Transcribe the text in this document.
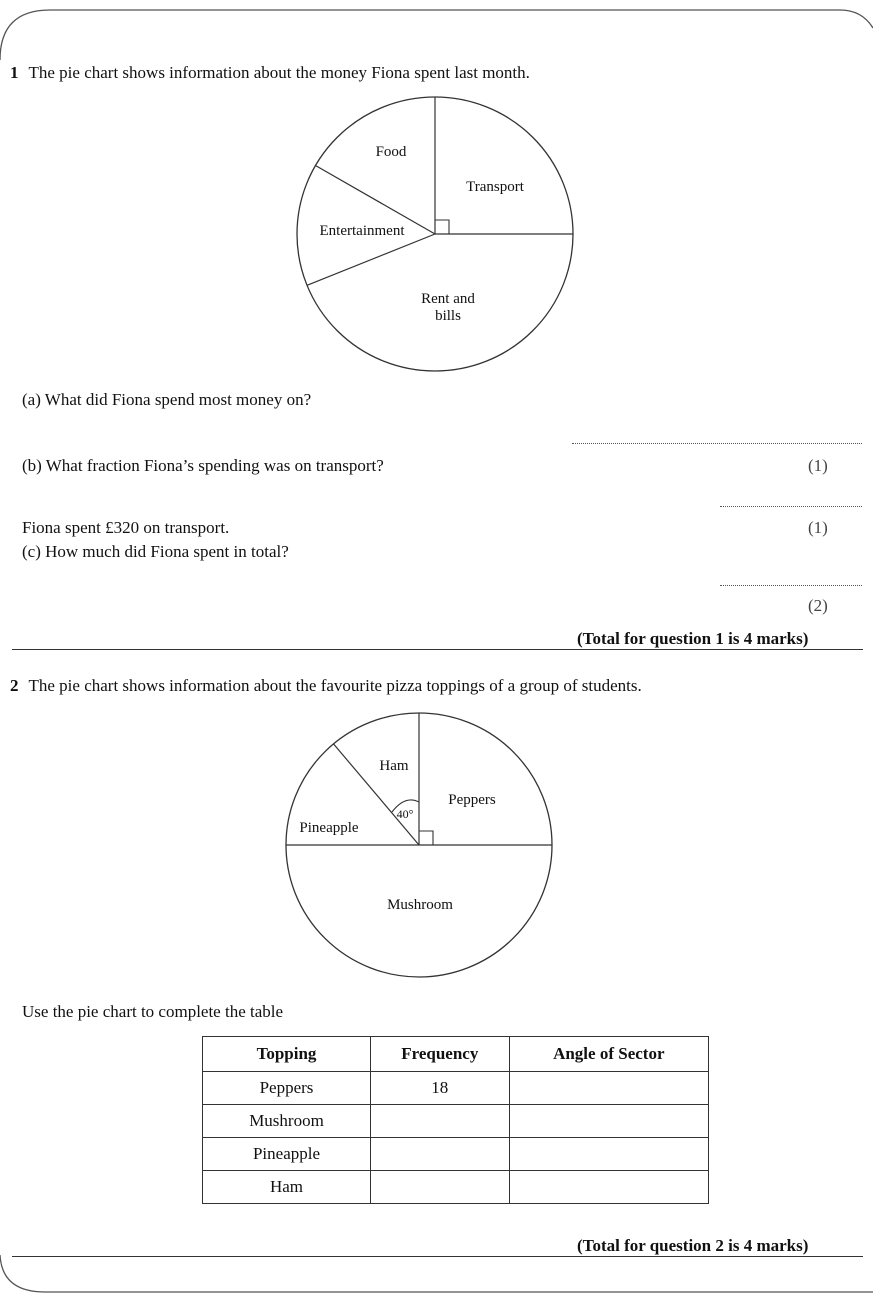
1 The pie chart shows information about the money Fiona spent last month.
Transport
Rent and bills
Entertainment
Food
(a) What did Fiona spend most money on?
(b) What fraction Fiona’s spending was on transport?	(1)
Fiona spent £320 on transport.	(1)
(c) How much did Fiona spent in total?
(2)
(Total for question 1 is 4 marks)
2 The pie chart shows information about the favourite pizza toppings of a group of students.
Peppers
Mushroom
Pineapple
Ham
40°
Use the pie chart to complete the table
Topping	Frequency	Angle of Sector
Peppers	18	
Mushroom		
Pineapple		
Ham		
(Total for question 2 is 4 marks)
